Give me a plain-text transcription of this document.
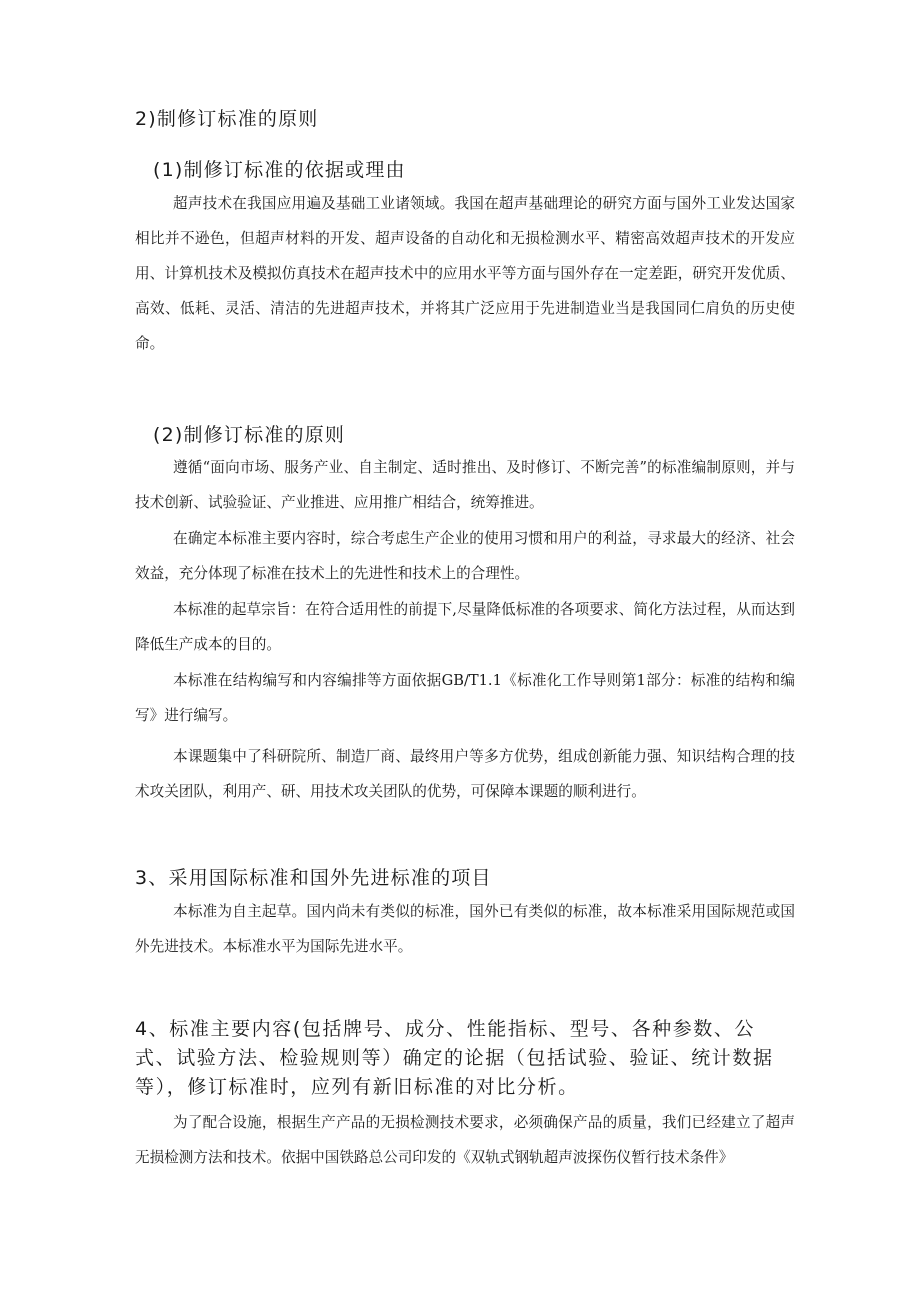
2)制修订标准的原则
(1)制修订标准的依据或理由
超声技术在我国应用遍及基础工业诸领域。我国在超声基础理论的研究方面与国外工业发达国家相比并不逊色，但超声材料的开发、超声设备的自动化和无损检测水平、精密高效超声技术的开发应用、计算机技术及模拟仿真技术在超声技术中的应用水平等方面与国外存在一定差距，研究开发优质、高效、低耗、灵活、清洁的先进超声技术，并将其广泛应用于先进制造业当是我国同仁肩负的历史使命。
(2)制修订标准的原则
遵循“面向市场、服务产业、自主制定、适时推出、及时修订、不断完善”的标准编制原则，并与技术创新、试验验证、产业推进、应用推广相结合，统筹推进。
在确定本标准主要内容时，综合考虑生产企业的使用习惯和用户的利益，寻求最大的经济、社会效益，充分体现了标准在技术上的先进性和技术上的合理性。
本标准的起草宗旨：在符合适用性的前提下,尽量降低标准的各项要求、简化方法过程，从而达到降低生产成本的目的。
本标准在结构编写和内容编排等方面依据GB/T1.1《标准化工作导则第1部分：标准的结构和编写》进行编写。
本课题集中了科研院所、制造厂商、最终用户等多方优势，组成创新能力强、知识结构合理的技术攻关团队，利用产、研、用技术攻关团队的优势，可保障本课题的顺利进行。
3、采用国际标准和国外先进标准的项目
本标准为自主起草。国内尚未有类似的标准，国外已有类似的标准，故本标准采用国际规范或国外先进技术。本标准水平为国际先进水平。
4、标准主要内容(包括牌号、成分、性能指标、型号、各种参数、公式、试验方法、检验规则等）确定的论据（包括试验、验证、统计数据等），修订标准时，应列有新旧标准的对比分析。
为了配合设施，根据生产产品的无损检测技术要求，必须确保产品的质量，我们已经建立了超声无损检测方法和技术。依据中国铁路总公司印发的《双轨式钢轨超声波探伤仪暂行技术条件》
